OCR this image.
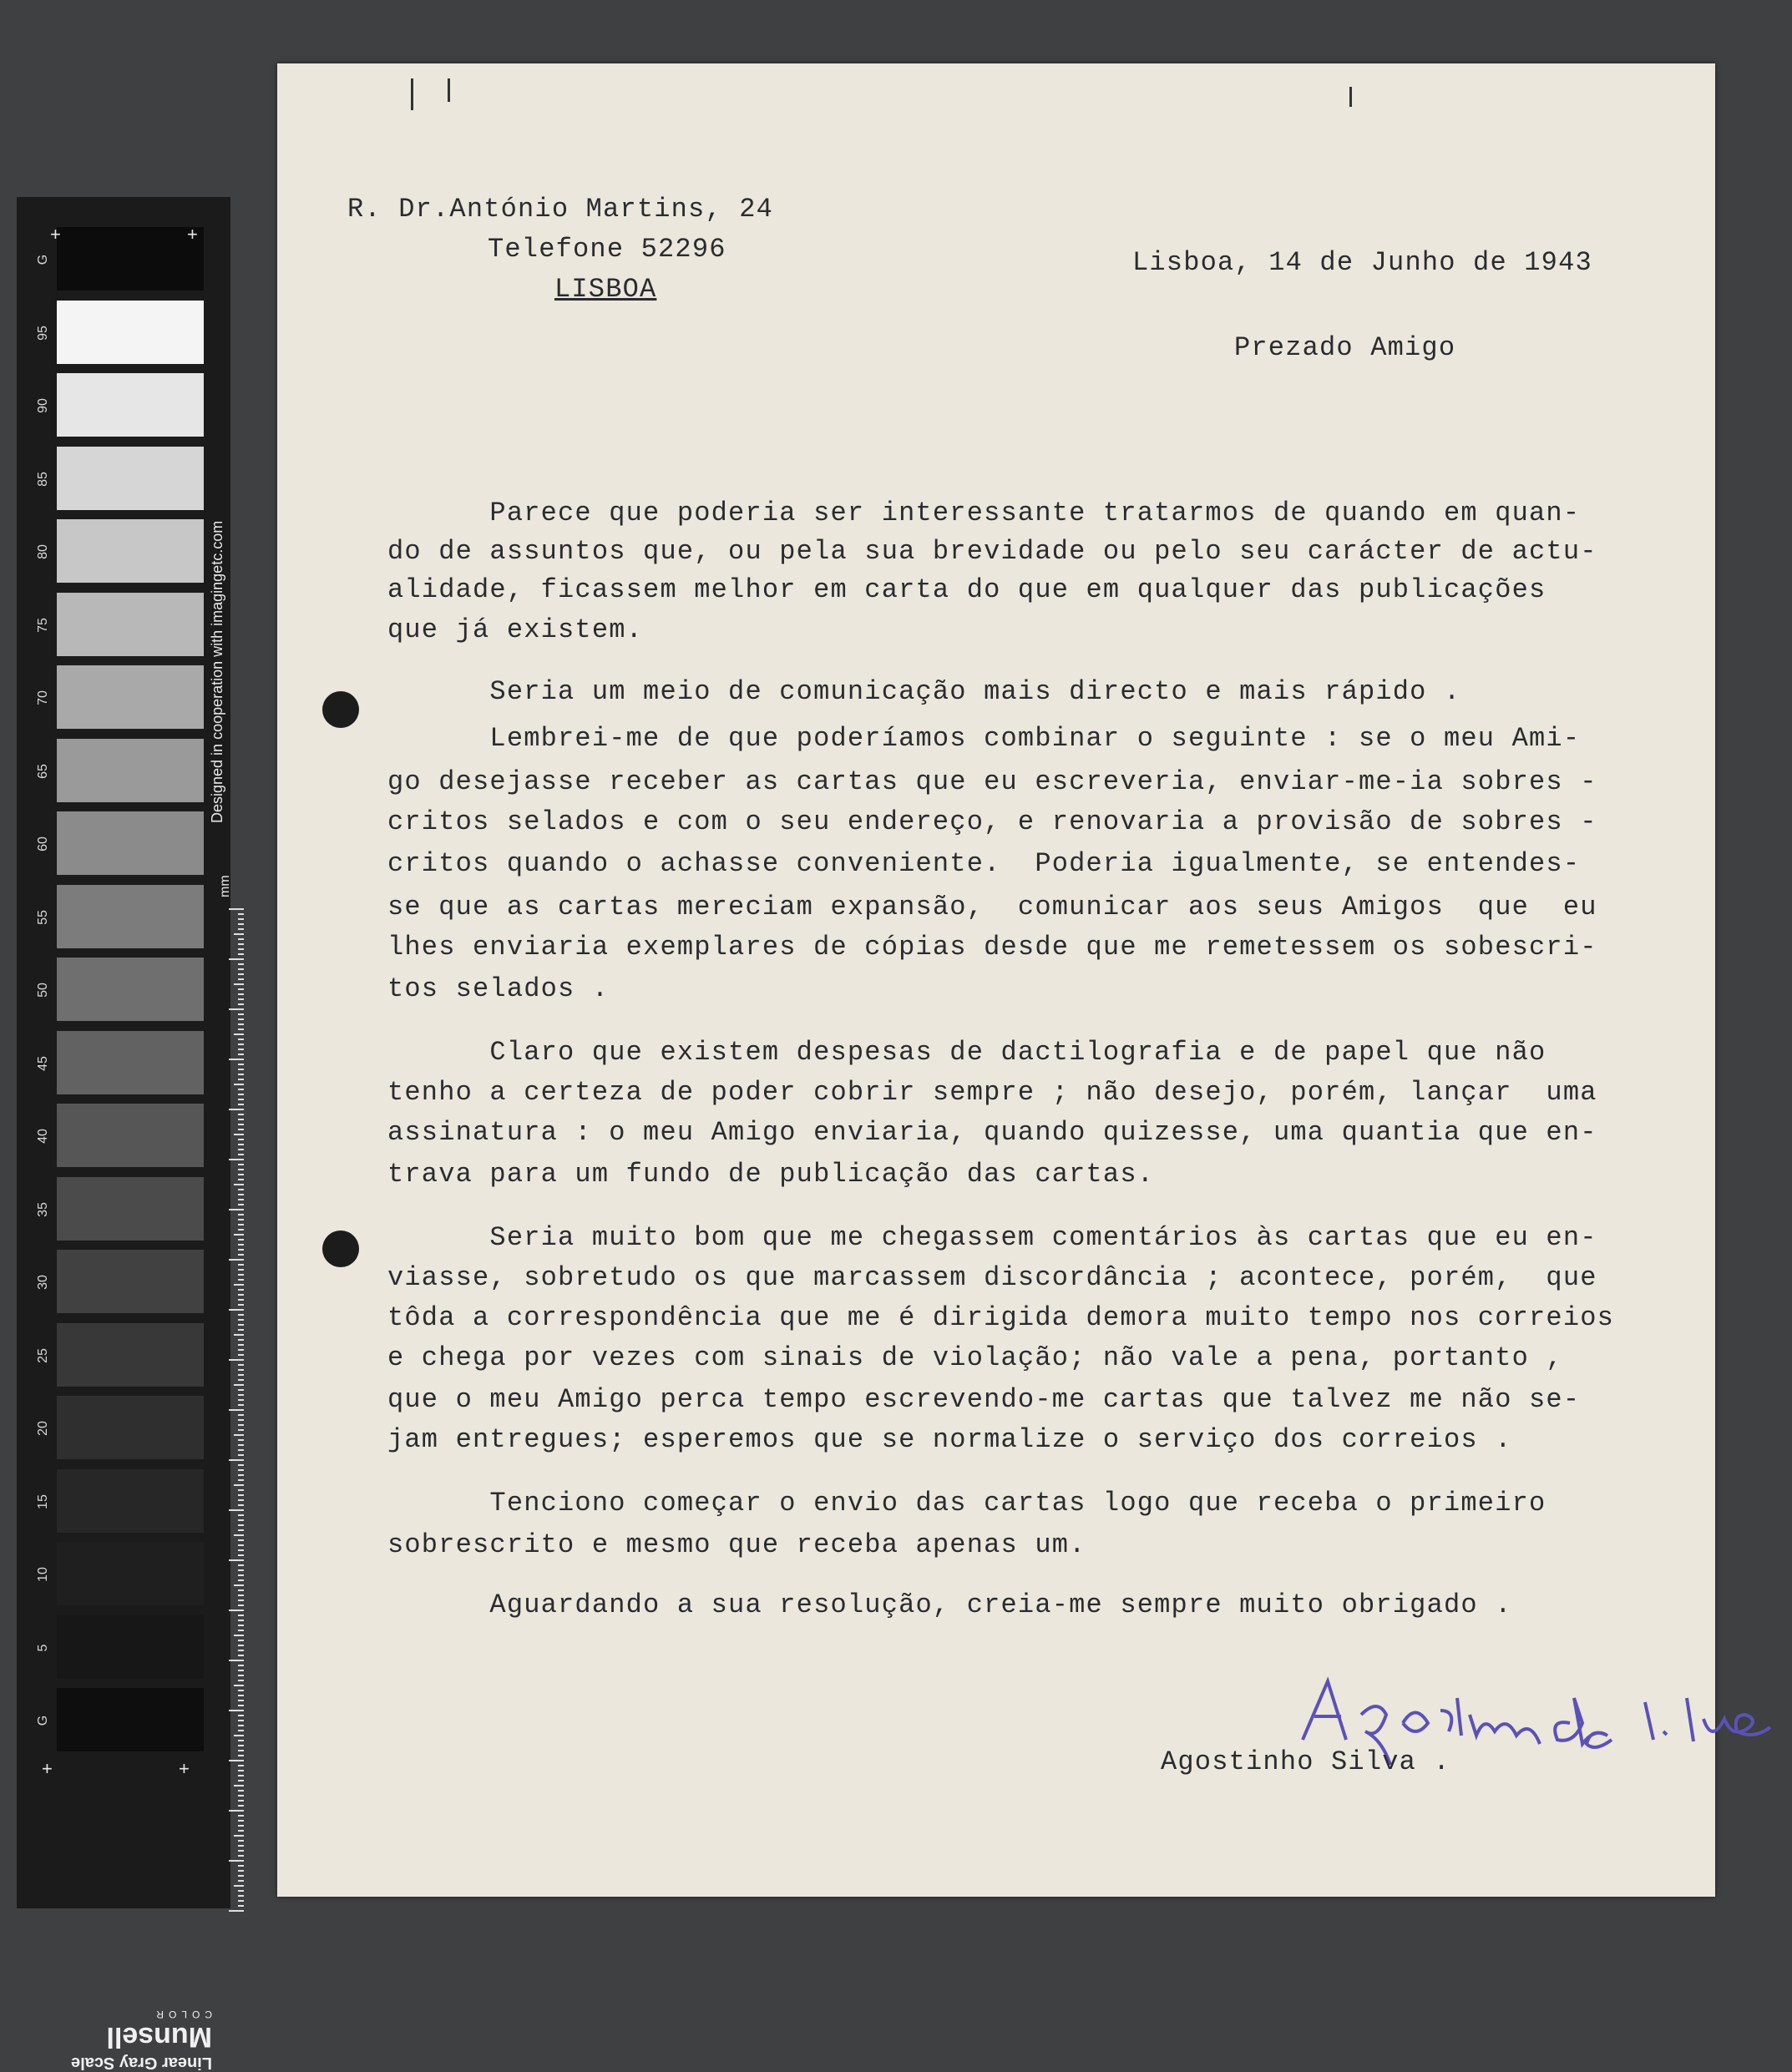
G
95
90
85
80
75
70
65
60
55
50
45
40
35
30
25
20
15
10
5
G
Designed in cooperation with imagingetc.com
mm
+	+
+	+
Linear Gray Scale
Munsell
COLOR
R. Dr.António Martins, 24
Telefone 52296
LISBOA
Lisboa, 14 de Junho de 1943
Prezado Amigo
Parece que poderia ser interessante tratarmos de quando em quan-
do de assuntos que, ou pela sua brevidade ou pelo seu carácter de actu-
alidade, ficassem melhor em carta do que em qualquer das publicações
que já existem.
Seria um meio de comunicação mais directo e mais rápido .
Lembrei-me de que poderíamos combinar o seguinte : se o meu Ami-
go desejasse receber as cartas que eu escreveria, enviar-me-ia sobres -
critos selados e com o seu endereço, e renovaria a provisão de sobres -
critos quando o achasse conveniente.  Poderia igualmente, se entendes-
se que as cartas mereciam expansão,  comunicar aos seus Amigos  que  eu
lhes enviaria exemplares de cópias desde que me remetessem os sobescri-
tos selados .
Claro que existem despesas de dactilografia e de papel que não
tenho a certeza de poder cobrir sempre ; não desejo, porém, lançar  uma
assinatura : o meu Amigo enviaria, quando quizesse, uma quantia que en-
trava para um fundo de publicação das cartas.
Seria muito bom que me chegassem comentários às cartas que eu en-
viasse, sobretudo os que marcassem discordância ; acontece, porém,  que
tôda a correspondência que me é dirigida demora muito tempo nos correios
e chega por vezes com sinais de violação; não vale a pena, portanto ,
que o meu Amigo perca tempo escrevendo-me cartas que talvez me não se-
jam entregues; esperemos que se normalize o serviço dos correios .
Tenciono começar o envio das cartas logo que receba o primeiro
sobrescrito e mesmo que receba apenas um.
Aguardando a sua resolução, creia-me sempre muito obrigado .
Agostinho Silva .
